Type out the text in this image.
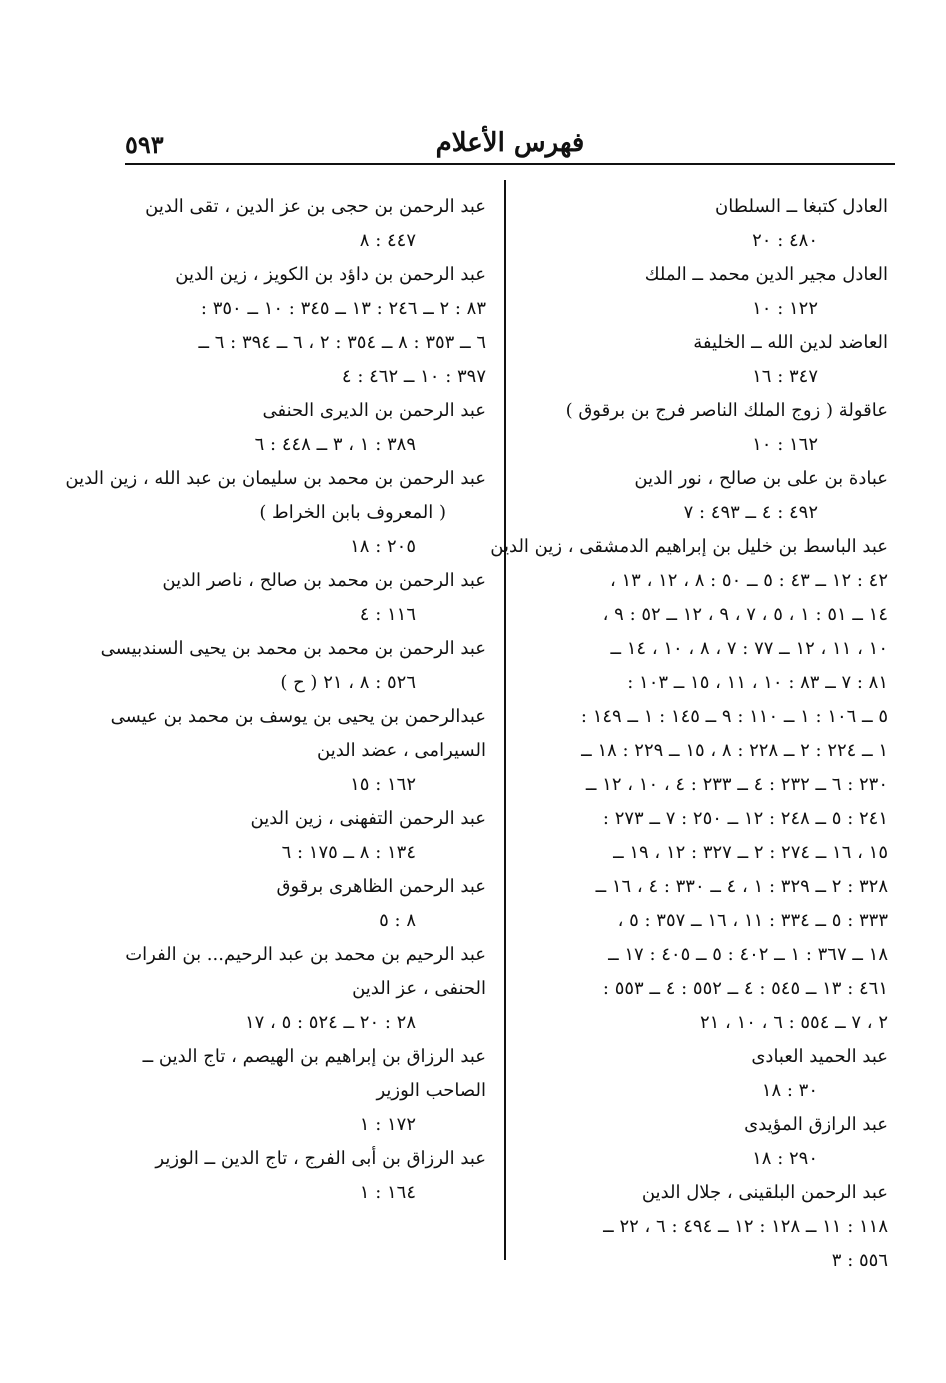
فهرس الأعلام
٥٩٣
العادل كتبغا ــ السلطان
٤٨٠ : ٢٠
العادل مجير الدين محمد ــ الملك
١٢٢ : ١٠
العاضد لدين الله ــ الخليفة
٣٤٧ : ١٦
عاقولة ( زوج الملك الناصر فرج بن برقوق )
١٦٢ : ١٠
عبادة بن على بن صالح ، نور الدين
٤٩٢ : ٤ ــ ٤٩٣ : ٧
عبد الباسط بن خليل بن إبراهيم الدمشقى ، زين الدين
٤٢ : ١٢ ــ ٤٣ : ٥ ــ ٥٠ : ٨ ، ١٢ ، ١٣ ،
١٤ ــ ٥١ : ١ ، ٥ ، ٧ ، ٩ ، ١٢ ــ ٥٢ : ٩ ،
١٠ ، ١١ ، ١٢ ــ ٧٧ : ٧ ، ٨ ، ١٠ ، ١٤ ــ
٨١ : ٧ ــ ٨٣ : ١٠ ، ١١ ، ١٥ ــ ١٠٣ :
٥ ــ ١٠٦ : ١ ــ ١١٠ : ٩ ــ ١٤٥ : ١ ــ ١٤٩ :
١ ــ ٢٢٤ : ٢ ــ ٢٢٨ : ٨ ، ١٥ ــ ٢٢٩ : ١٨ ــ
٢٣٠ : ٦ ــ ٢٣٢ : ٤ ــ ٢٣٣ : ٤ ، ١٠ ، ١٢ ــ
٢٤١ : ٥ ــ ٢٤٨ : ١٢ ــ ٢٥٠ : ٧ ــ ٢٧٣ :
١٥ ، ١٦ ــ ٢٧٤ : ٢ ــ ٣٢٧ : ١٢ ، ١٩ ــ
٣٢٨ : ٢ ــ ٣٢٩ : ١ ، ٤ ــ ٣٣٠ : ٤ ، ١٦ ــ
٣٣٣ : ٥ ــ ٣٣٤ : ١١ ، ١٦ ــ ٣٥٧ : ٥ ،
١٨ ــ ٣٦٧ : ١ ــ ٤٠٢ : ٥ ــ ٤٠٥ : ١٧ ــ
٤٦١ : ١٣ ــ ٥٤٥ : ٤ ــ ٥٥٢ : ٤ ــ ٥٥٣ :
٢ ، ٧ ــ ٥٥٤ : ٦ ، ١٠ ، ٢١
عبد الحميد العبادى
٣٠ : ١٨
عبد الرازق المؤيدى
٢٩٠ : ١٨
عبد الرحمن البلقينى ، جلال الدين
١١٨ : ١١ ــ ١٢٨ : ١٢ ــ ٤٩٤ : ٦ ، ٢٢ ــ
٥٥٦ : ٣
عبد الرحمن بن حجى بن عز الدين ، تقى الدين
٤٤٧ : ٨
عبد الرحمن بن داؤد بن الكويز ، زين الدين
٨٣ : ٢ ــ ٢٤٦ : ١٣ ــ ٣٤٥ : ١٠ ــ ٣٥٠ :
٦ ــ ٣٥٣ : ٨ ــ ٣٥٤ : ٢ ، ٦ ــ ٣٩٤ : ٦ ــ
٣٩٧ : ١٠ ــ ٤٦٢ : ٤
عبد الرحمن بن الديرى الحنفى
٣٨٩ : ١ ، ٣ ــ ٤٤٨ : ٦
عبد الرحمن بن محمد بن سليمان بن عبد الله ، زين الدين
( المعروف بابن الخراط )
٢٠٥ : ١٨
عبد الرحمن بن محمد بن صالح ، ناصر الدين
١١٦ : ٤
عبد الرحمن بن محمد بن محمد بن يحيى السندبيسى
٥٢٦ : ٨ ، ٢١ ( ح )
عبدالرحمن بن يحيى بن يوسف بن محمد بن عيسى
السيرامى ، عضد الدين
١٦٢ : ١٥
عبد الرحمن التفهنى ، زين الدين
١٣٤ : ٨ ــ ١٧٥ : ٦
عبد الرحمن الظاهرى برقوق
٨ : ٥
عبد الرحيم بن محمد بن عبد الرحيم... بن الفرات
الحنفى ، عز الدين
٢٨ : ٢٠ ــ ٥٢٤ : ٥ ، ١٧
عبد الرزاق بن إبراهيم بن الهيصم ، تاج الدين ــ
الصاحب الوزير
١٧٢ : ١
عبد الرزاق بن أبى الفرج ، تاج الدين ــ الوزير
١٦٤ : ١
